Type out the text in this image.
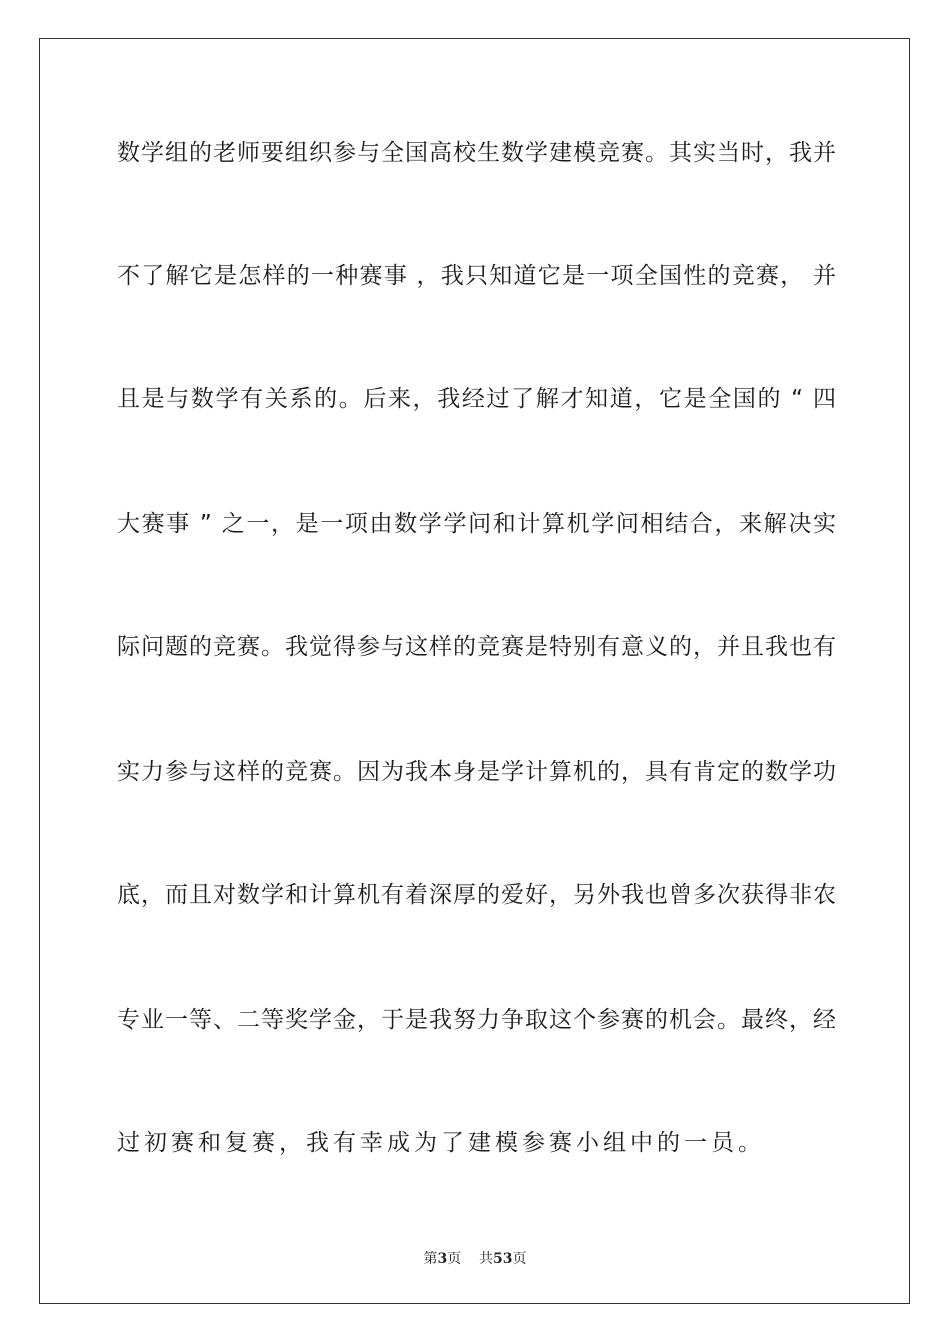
数学组的老师要组织参与全国高校生数学建模竞赛。其实当时，我并
不了解它是怎样的一种赛事 ，我只知道它是一项全国性的竞赛， 并
且是与数学有关系的。后来，我经过了解才知道，它是全国的 “ 四
大赛事 ” 之一，是一项由数学学问和计算机学问相结合，来解决实
际问题的竞赛。我觉得参与这样的竞赛是特别有意义的，并且我也有
实力参与这样的竞赛。因为我本身是学计算机的，具有肯定的数学功
底，而且对数学和计算机有着深厚的爱好，另外我也曾多次获得非农
专业一等、二等奖学金，于是我努力争取这个参赛的机会。最终，经
过初赛和复赛，我有幸成为了建模参赛小组中的一员。
第3页 共53页
